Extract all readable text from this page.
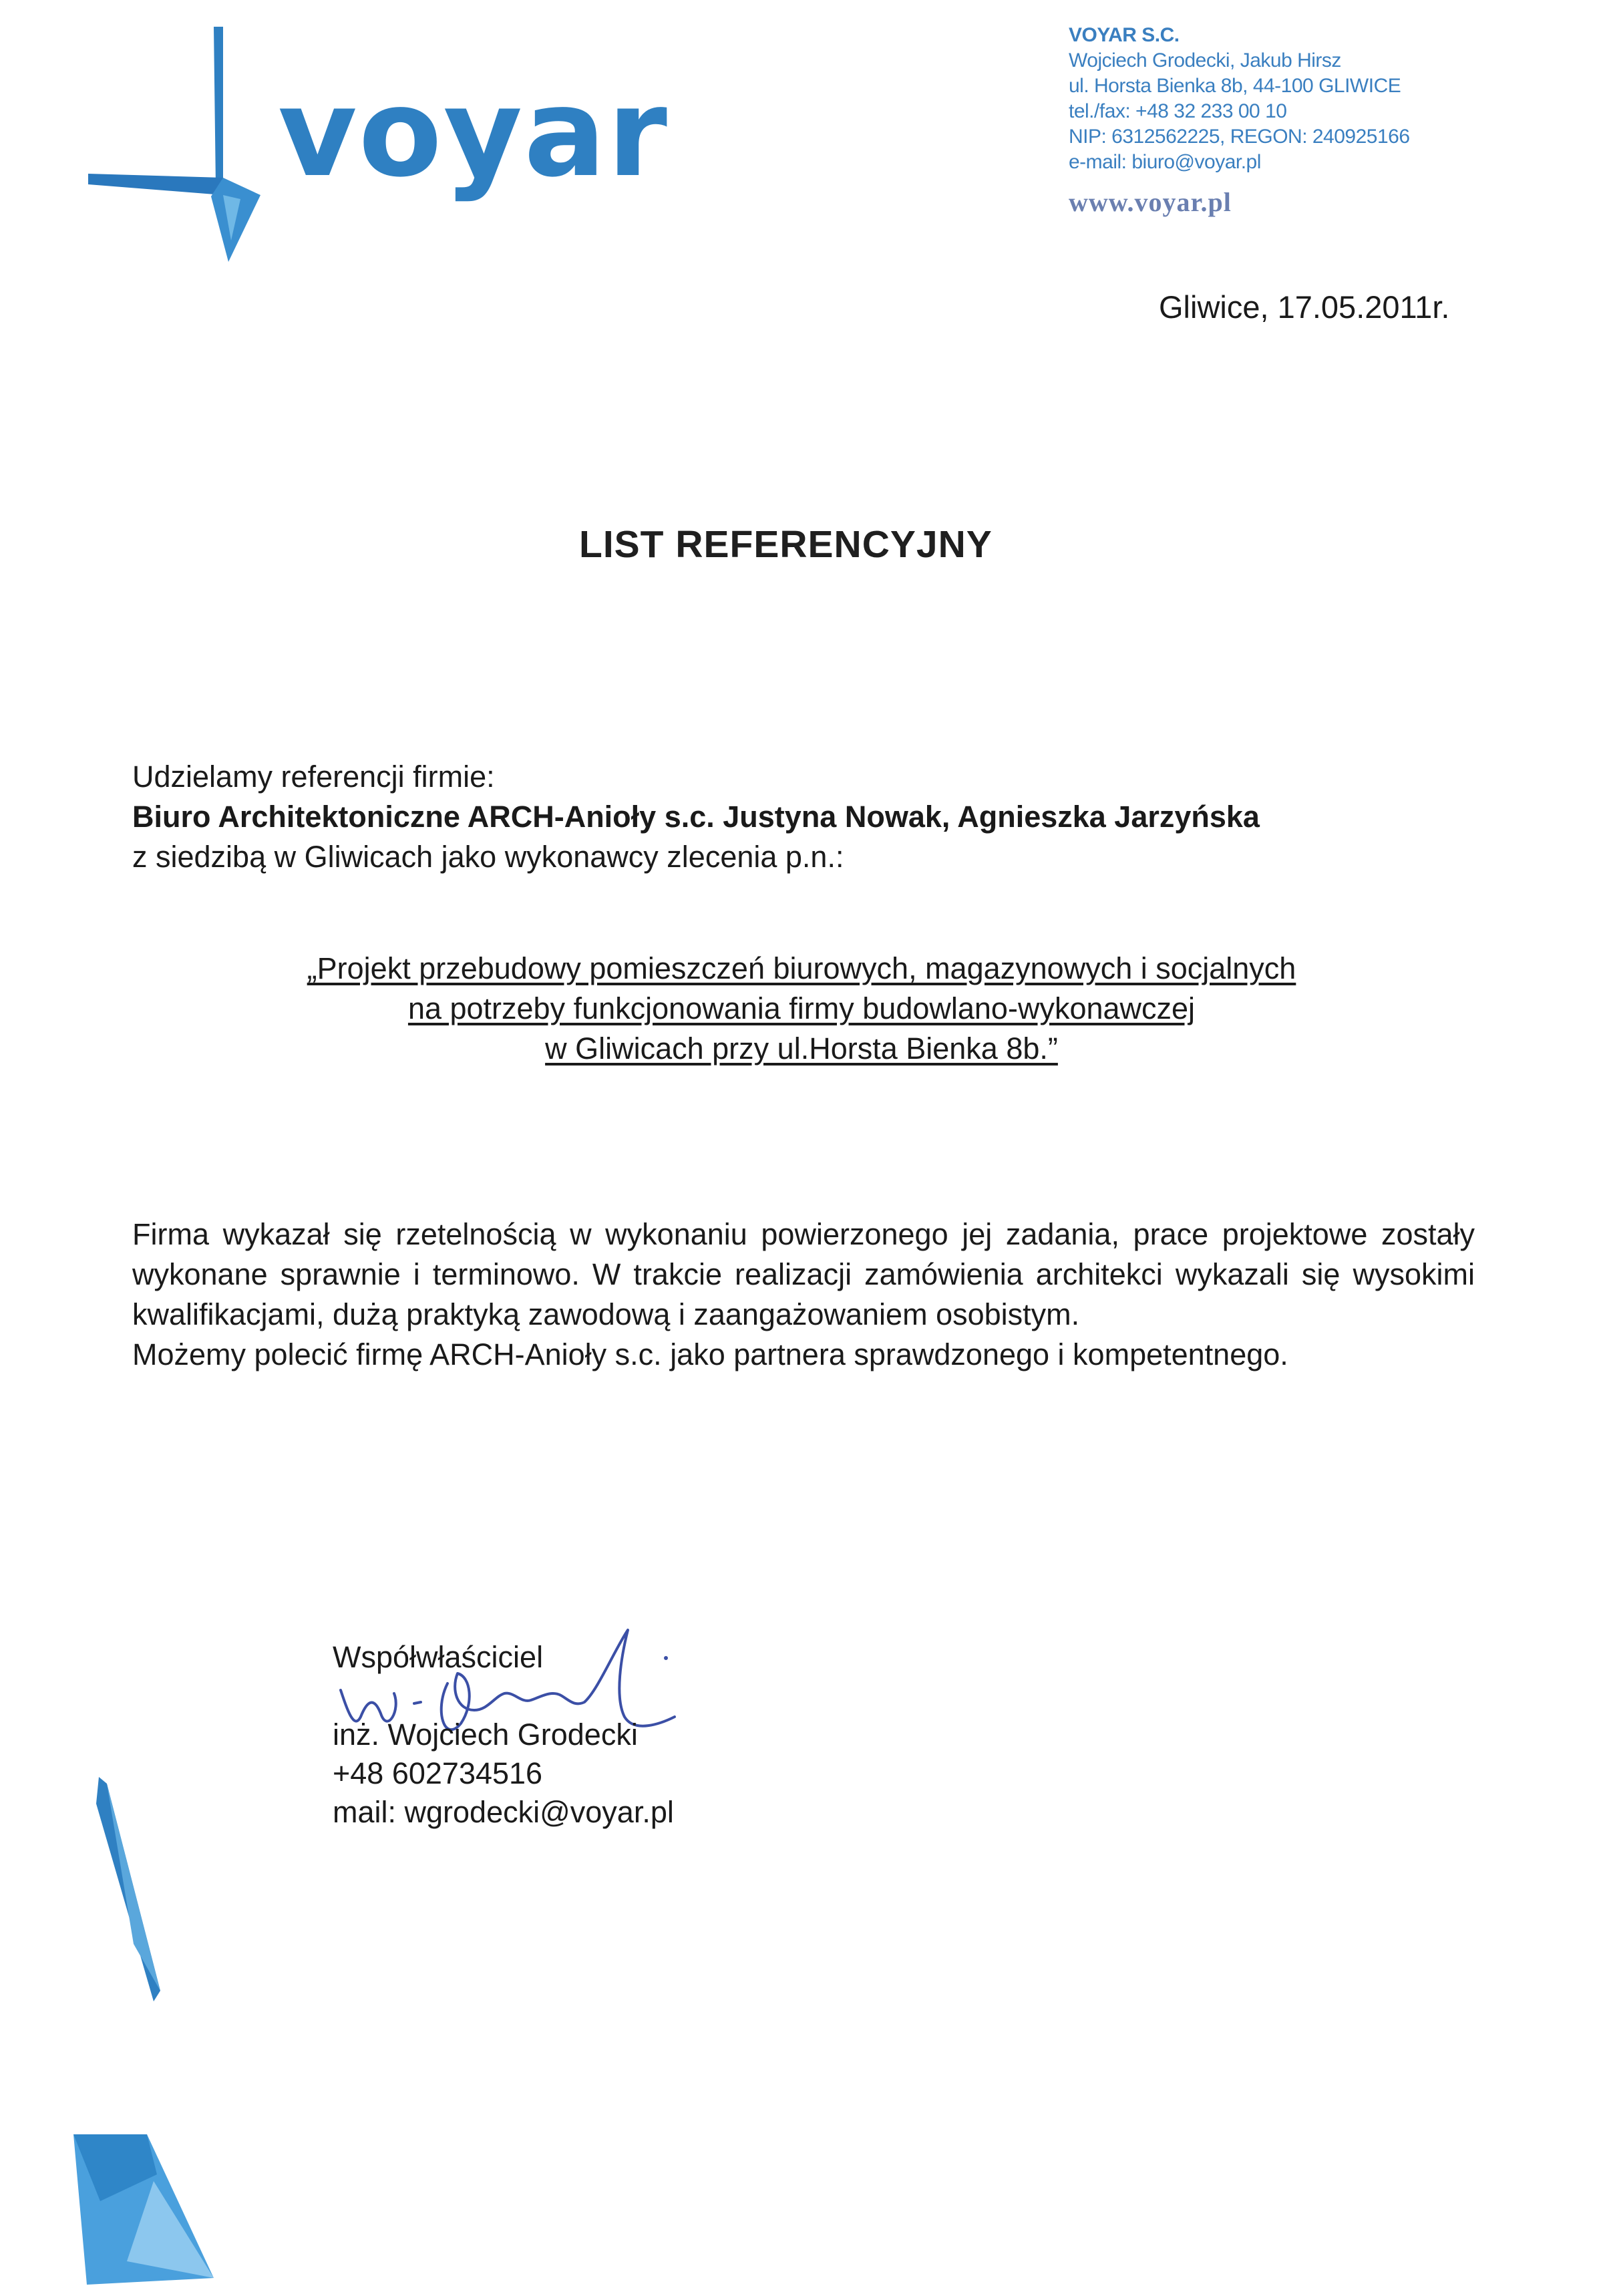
voyar
VOYAR S.C.
Wojciech Grodecki, Jakub Hirsz
ul. Horsta Bienka 8b, 44-100 GLIWICE
tel./fax: +48 32 233 00 10
NIP: 6312562225, REGON: 240925166
e-mail: biuro@voyar.pl
www.voyar.pl
Gliwice, 17.05.2011r.
LIST REFERENCYJNY
Udzielamy referencji firmie:
Biuro Architektoniczne ARCH-Anioły s.c. Justyna Nowak, Agnieszka Jarzyńska
z siedzibą w Gliwicach jako wykonawcy zlecenia p.n.:
„Projekt przebudowy pomieszczeń biurowych, magazynowych i socjalnych
na potrzeby funkcjonowania firmy budowlano-wykonawczej
w Gliwicach przy ul.Horsta Bienka 8b.”
Firma wykazał się rzetelnością w wykonaniu powierzonego jej zadania, prace projektowe zostały wykonane sprawnie i terminowo. W trakcie realizacji zamówienia architekci wykazali się wysokimi kwalifikacjami, dużą praktyką zawodową i zaangażowaniem osobistym.
Możemy polecić firmę ARCH-Anioły s.c. jako partnera sprawdzonego i kompetentnego.
Współwłaściciel
inż. Wojciech Grodecki
+48 602734516
mail: wgrodecki@voyar.pl
